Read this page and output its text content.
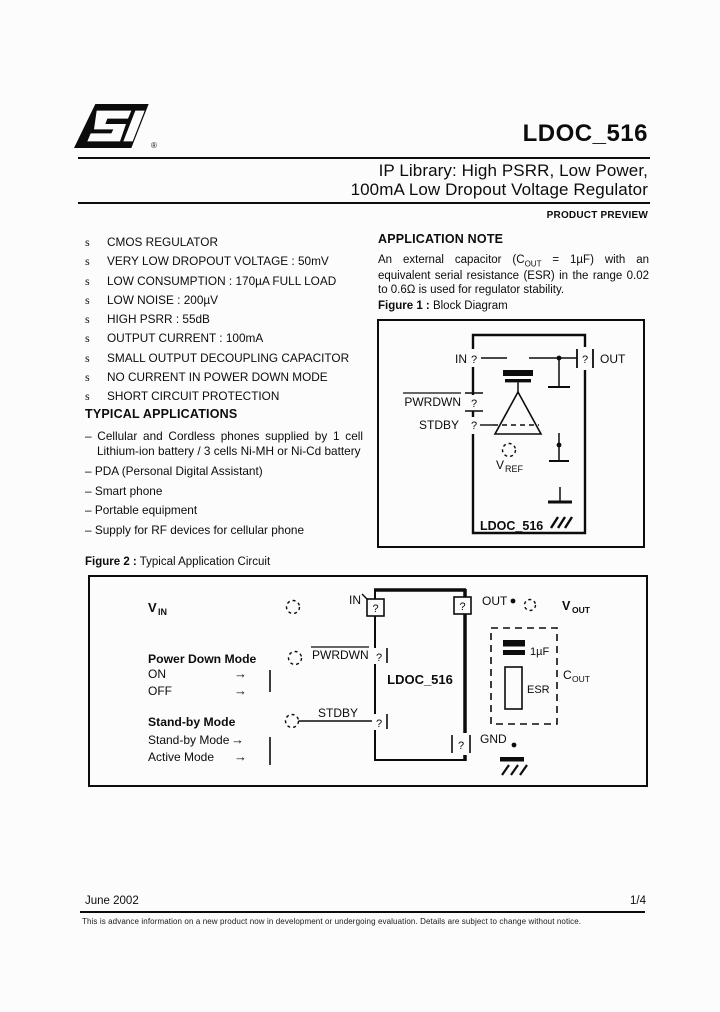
®	LDOC_516
IP Library: High PSRR, Low Power,
100mA Low Dropout Voltage Regulator
PRODUCT PREVIEW
s	CMOS REGULATOR
s	VERY LOW DROPOUT VOLTAGE : 50mV
s	LOW CONSUMPTION : 170µA FULL LOAD
s	LOW NOISE : 200µV
s	HIGH PSRR : 55dB
s	OUTPUT CURRENT : 100mA
s	SMALL OUTPUT DECOUPLING CAPACITOR
s	NO CURRENT IN POWER DOWN MODE
s	SHORT CIRCUIT PROTECTION
TYPICAL APPLICATIONS

– Cellular and Cordless phones supplied by 1 cell Lithium-ion battery / 3 cells Ni-MH or Ni-Cd battery

– PDA (Personal Digital Assistant)

– Smart phone

– Portable equipment

– Supply for RF devices for cellular phone

APPLICATION NOTE

An external capacitor $(C_{OUT} = 1\mu F)$ with an equivalent serial resistance (ESR) in the range 0.02 to 0.6Ω is used for regulator stability.

Figure 1 : Block Diagram
IN ?	? OUT
PWRDWN ?
STDBY ?
V REF
LDOC_516
Figure 2 : Typical Application Circuit
LDOC_516
V IN
IN
?	? OUT	V OUT
Power Down Mode	PWRDWN ?
ON	→
OFF	→
Stand-by Mode
STDBY
?
Stand-by Mode →
Active Mode →
? GND
1µF
ESR
C OUT
June 2002	1/4
This is advance information on a new product now in development or undergoing evaluation. Details are subject to change without notice.
